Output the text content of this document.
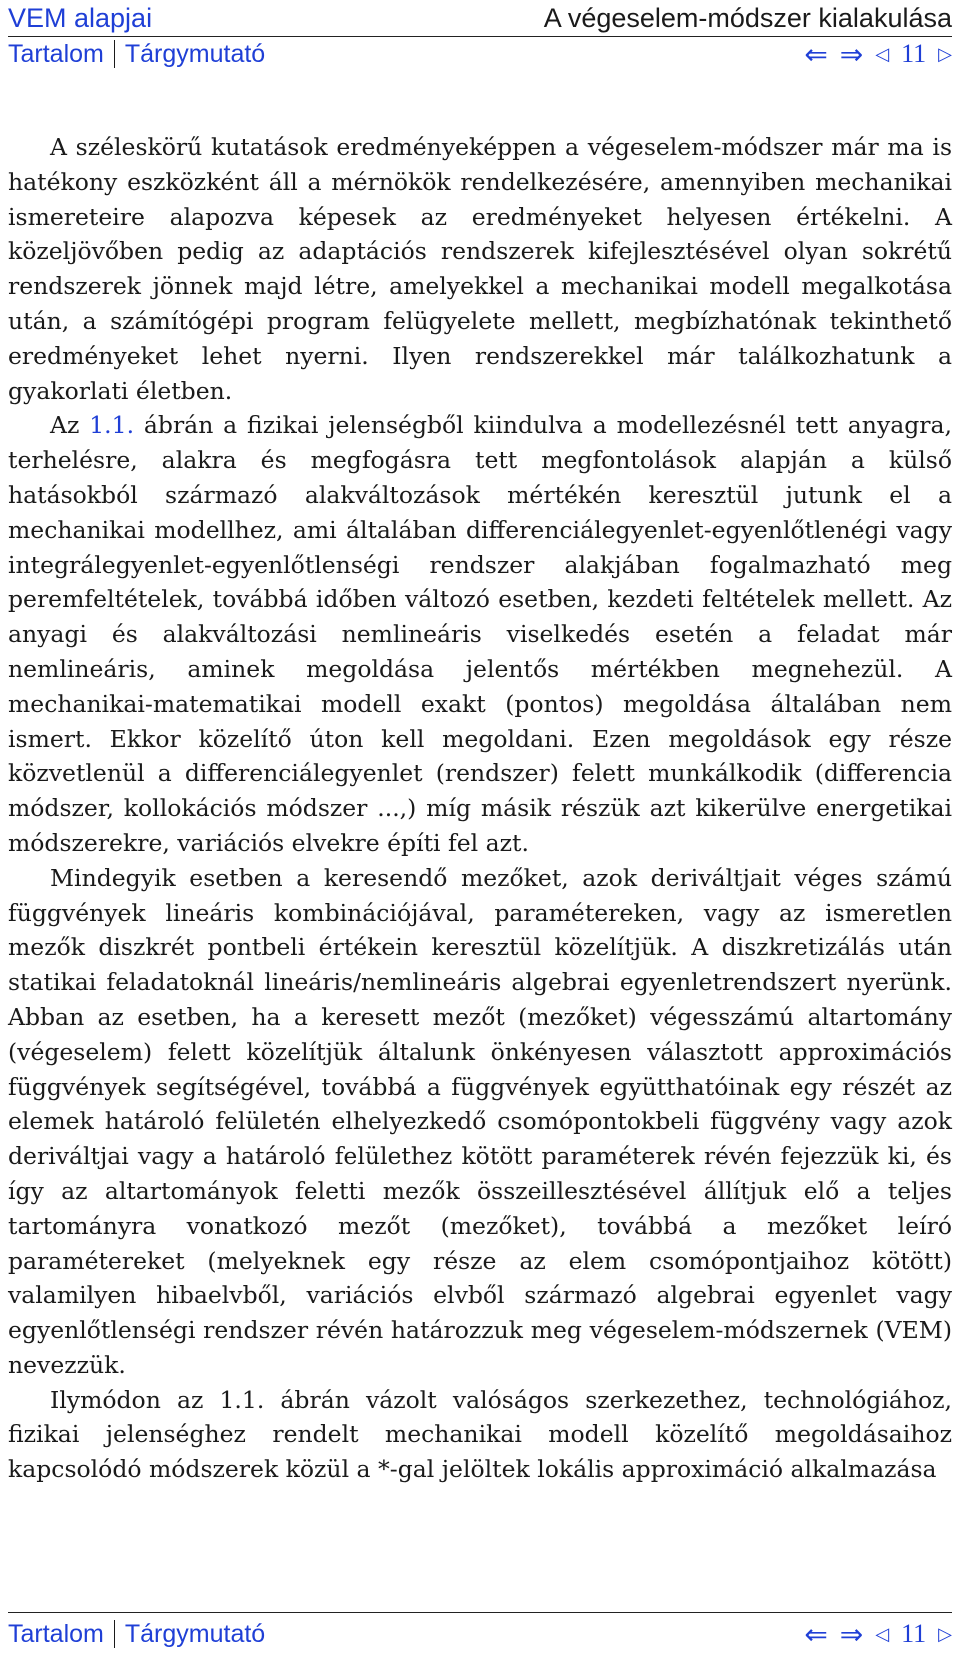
VEM alapjai	A végeselem-módszer kialakulása
Tartalom Tárgymutató	⇐ ⇒ ◁ 11 ▷

A széleskörű kutatások eredményeképpen a végeselem-módszer már ma is hatékony eszközként áll a mérnökök rendelkezésére, amennyiben mechanikai ismereteire alapozva képesek az eredményeket helyesen értékelni. A közeljövőben pedig az adaptációs rendszerek kifejlesztésével olyan sokrétű rendszerek jönnek majd létre, amelyekkel a mechanikai modell megalkotása után, a számítógépi program felügyelete mellett, megbízhatónak tekinthető eredményeket lehet nyerni. Ilyen rendszerekkel már találkozhatunk a gyakorlati életben.

Az 1.1. ábrán a fizikai jelenségből kiindulva a modellezésnél tett anyagra, terhelésre, alakra és megfogásra tett megfontolások alapján a külső hatásokból származó alakváltozások mértékén keresztül jutunk el a mechanikai modellhez, ami általában differenciálegyenlet-egyenlőtlenégi vagy integrálegyenlet-egyenlőtlenségi rendszer alakjában fogalmazható meg peremfeltételek, továbbá időben változó esetben, kezdeti feltételek mellett. Az anyagi és alakváltozási nemlineáris viselkedés esetén a feladat már nemlineáris, aminek megoldása jelentős mértékben megnehezül. A mechanikai-matematikai modell exakt (pontos) megoldása általában nem ismert. Ekkor közelítő úton kell megoldani. Ezen megoldások egy része közvetlenül a differenciálegyenlet (rendszer) felett munkálkodik (differencia módszer, kollokációs módszer ...,) míg másik részük azt kikerülve energetikai módszerekre, variációs elvekre építi fel azt.

Mindegyik esetben a keresendő mezőket, azok deriváltjait véges számú függvények lineáris kombinációjával, paramétereken, vagy az ismeretlen mezők diszkrét pontbeli értékein keresztül közelítjük. A diszkretizálás után statikai feladatoknál lineáris/nemlineáris algebrai egyenletrendszert nyerünk. Abban az esetben, ha a keresett mezőt (mezőket) végesszámú altartomány (végeselem) felett közelítjük általunk önkényesen választott approximációs függvények segítségével, továbbá a függvények együtthatóinak egy részét az elemek határoló felületén elhelyezkedő csomópontokbeli függvény vagy azok deriváltjai vagy a határoló felülethez kötött paraméterek révén fejezzük ki, és így az altartományok feletti mezők összeillesztésével állítjuk elő a teljes tartományra vonatkozó mezőt (mezőket), továbbá a mezőket leíró paramétereket (melyeknek egy része az elem csomópontjaihoz kötött) valamilyen hibaelvből, variációs elvből származó algebrai egyenlet vagy egyenlőtlenségi rendszer révén határozzuk meg végeselem-módszernek (VEM) nevezzük.

Ilymódon az 1.1. ábrán vázolt valóságos szerkezethez, technológiához, fizikai jelenséghez rendelt mechanikai modell közelítő megoldásaihoz kapcsolódó módszerek közül a *-gal jelöltek lokális approximáció alkalmazása

Tartalom Tárgymutató	⇐ ⇒ ◁ 11 ▷
